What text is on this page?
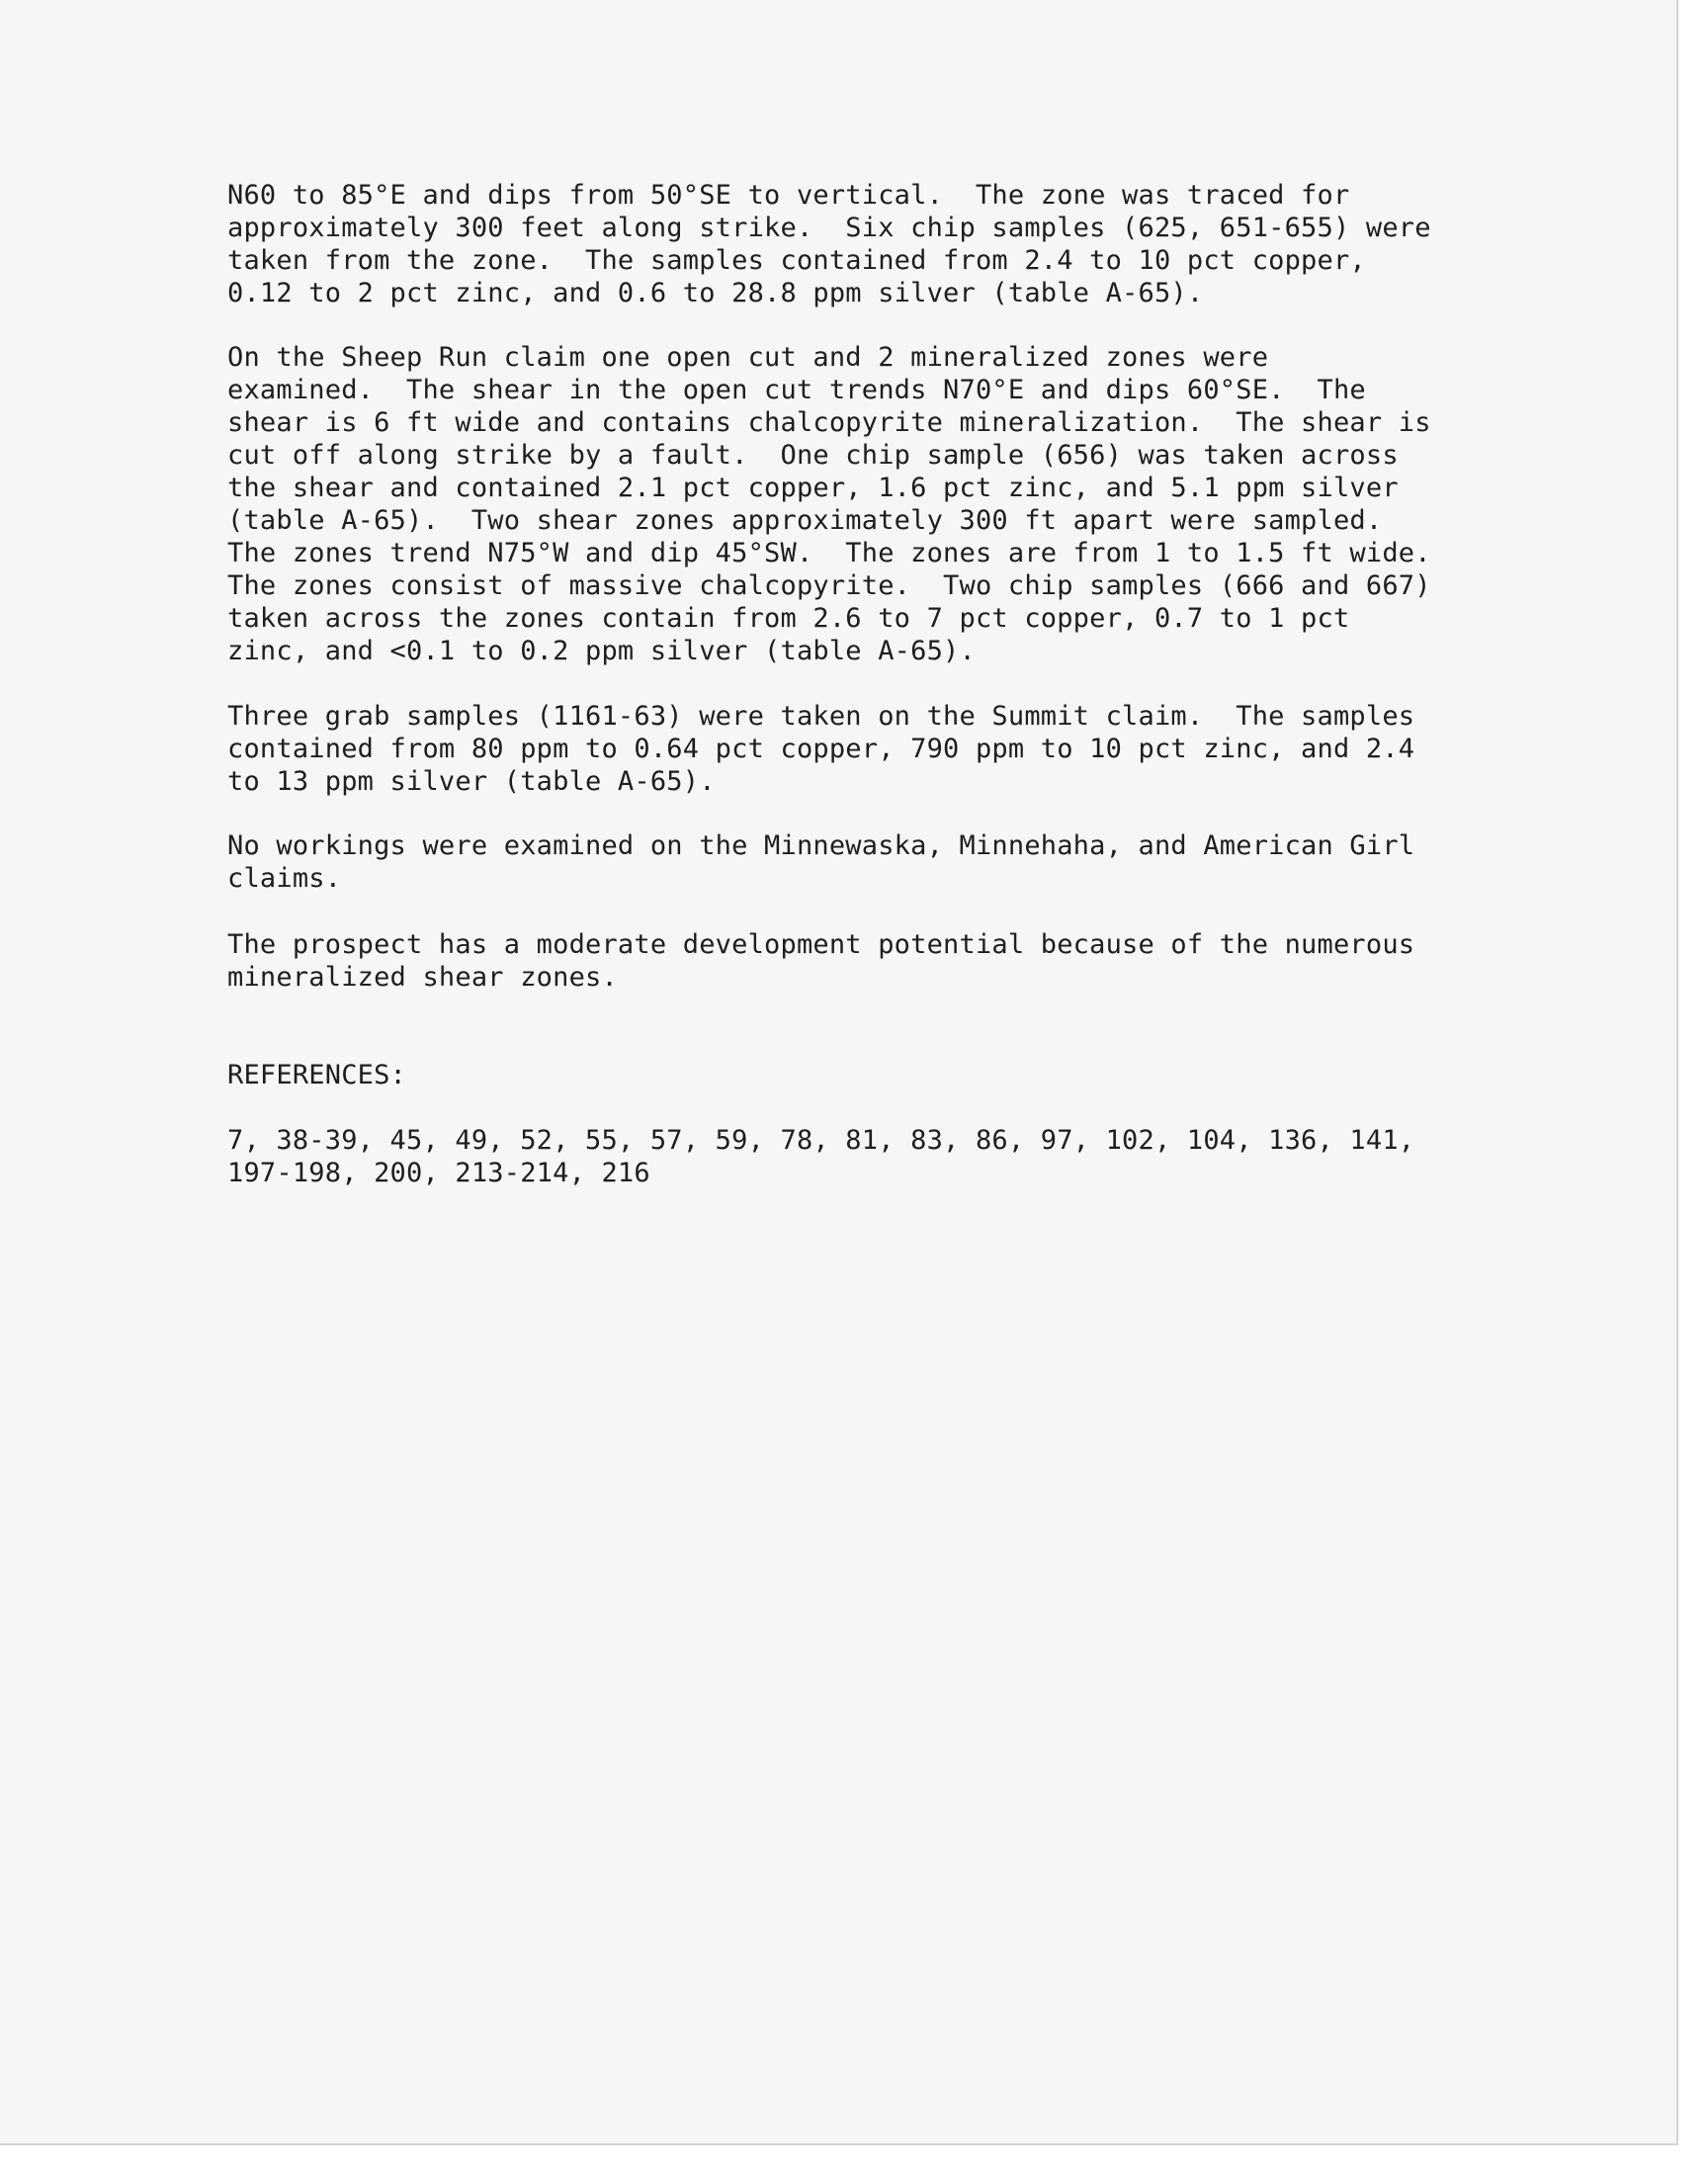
N60 to 85°E and dips from 50°SE to vertical.  The zone was traced for
approximately 300 feet along strike.  Six chip samples (625, 651-655) were
taken from the zone.  The samples contained from 2.4 to 10 pct copper,
0.12 to 2 pct zinc, and 0.6 to 28.8 ppm silver (table A-65).

On the Sheep Run claim one open cut and 2 mineralized zones were
examined.  The shear in the open cut trends N70°E and dips 60°SE.  The
shear is 6 ft wide and contains chalcopyrite mineralization.  The shear is
cut off along strike by a fault.  One chip sample (656) was taken across
the shear and contained 2.1 pct copper, 1.6 pct zinc, and 5.1 ppm silver
(table A-65).  Two shear zones approximately 300 ft apart were sampled.
The zones trend N75°W and dip 45°SW.  The zones are from 1 to 1.5 ft wide.
The zones consist of massive chalcopyrite.  Two chip samples (666 and 667)
taken across the zones contain from 2.6 to 7 pct copper, 0.7 to 1 pct
zinc, and <0.1 to 0.2 ppm silver (table A-65).

Three grab samples (1161-63) were taken on the Summit claim.  The samples
contained from 80 ppm to 0.64 pct copper, 790 ppm to 10 pct zinc, and 2.4
to 13 ppm silver (table A-65).

No workings were examined on the Minnewaska, Minnehaha, and American Girl
claims.

The prospect has a moderate development potential because of the numerous
mineralized shear zones.

REFERENCES:

7, 38-39, 45, 49, 52, 55, 57, 59, 78, 81, 83, 86, 97, 102, 104, 136, 141,
197-198, 200, 213-214, 216
